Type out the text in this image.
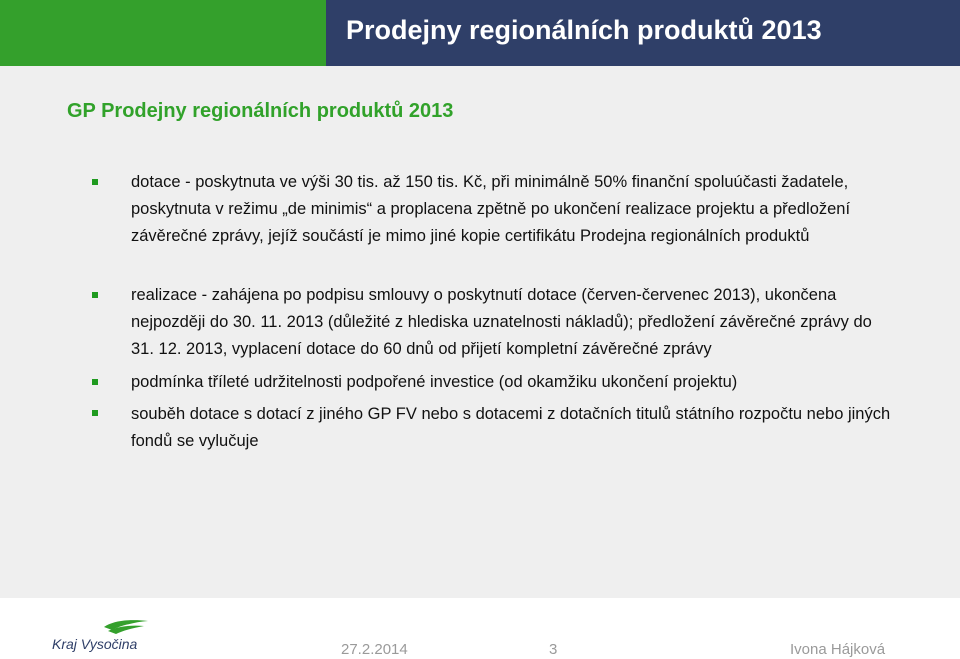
Prodejny regionálních produktů 2013
GP Prodejny regionálních produktů 2013
dotace - poskytnuta ve výši 30 tis. až 150 tis. Kč, při minimálně 50% finanční spoluúčasti žadatele, poskytnuta v režimu „de minimis“ a proplacena zpětně po ukončení realizace projektu a předložení závěrečné zprávy, jejíž součástí je mimo jiné kopie certifikátu Prodejna regionálních produktů
realizace - zahájena po podpisu smlouvy o poskytnutí dotace (červen-červenec 2013), ukončena nejpozději do 30. 11. 2013 (důležité z hlediska uznatelnosti nákladů); předložení závěrečné zprávy do 31. 12. 2013, vyplacení dotace do 60 dnů od přijetí kompletní závěrečné zprávy
podmínka tříleté udržitelnosti podpořené investice (od okamžiku ukončení projektu)
souběh dotace s dotací z jiného GP FV nebo s dotacemi z dotačních titulů státního rozpočtu nebo jiných fondů se vylučuje
Kraj Vysočina	27.2.2014	3	Ivona Hájková
